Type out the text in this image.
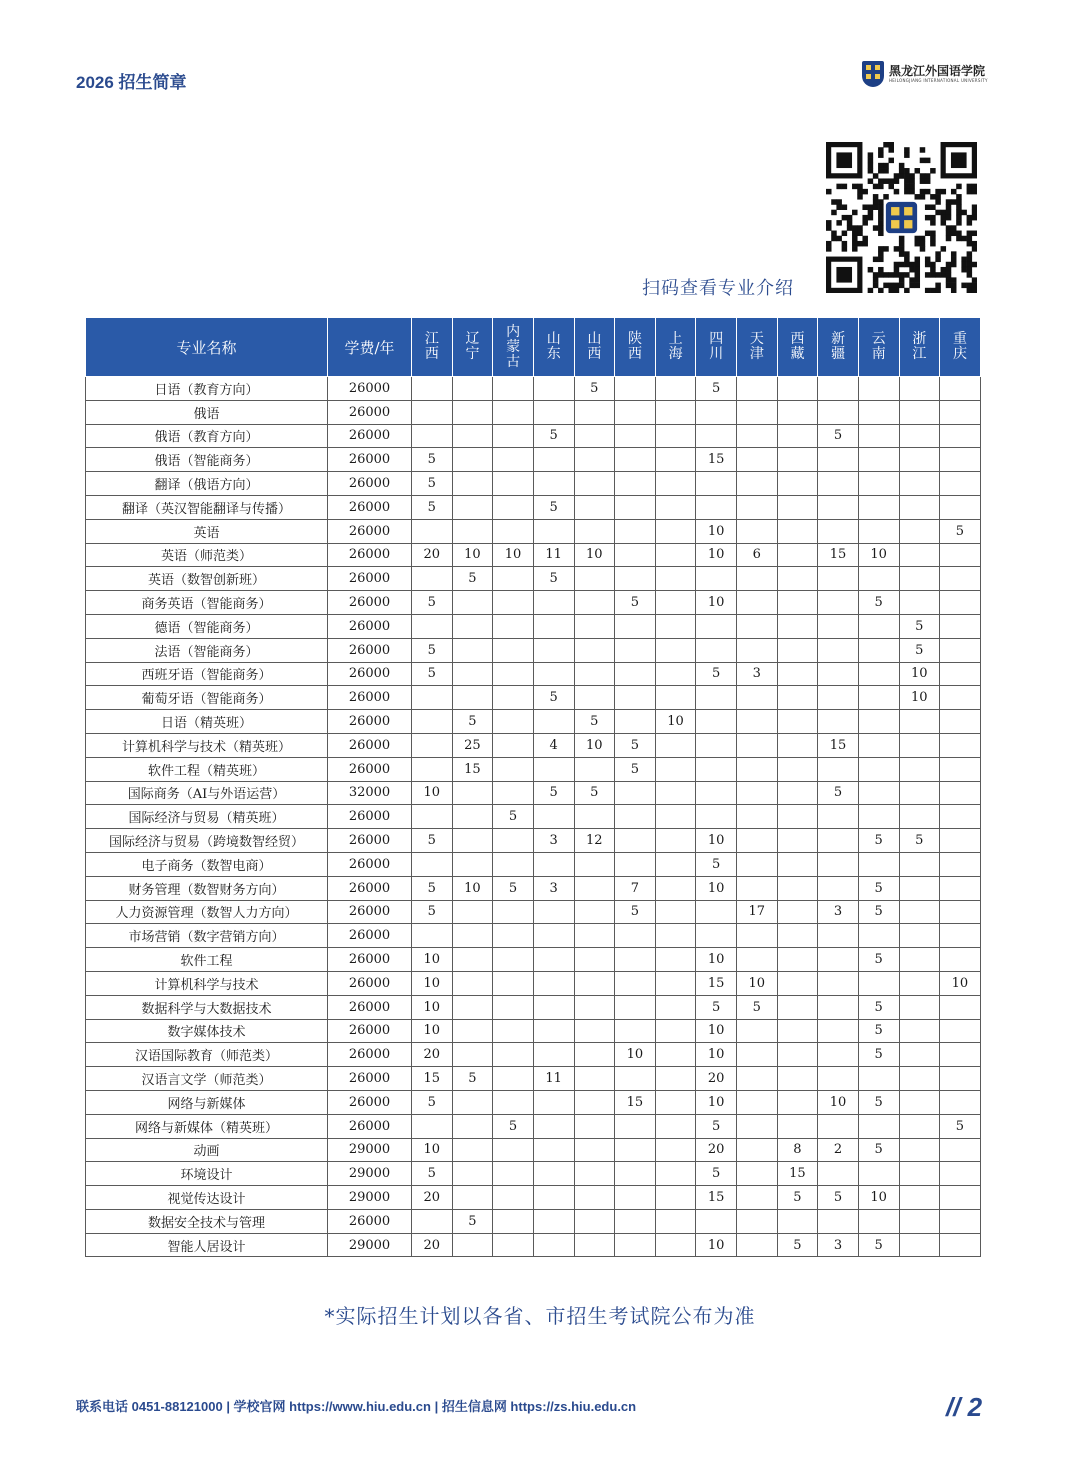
2026 招生简章
黑龙江外国语学院
HEILONGJIANG INTERNATIONAL UNIVERSITY
扫码查看专业介绍
专业名称	学费/年	江西	辽宁	内蒙古	山东	山西	陕西	上海	四川	天津	西藏	新疆	云南	浙江	重庆

日语（教育方向）	26000					5			5						
俄语	26000														
俄语（教育方向）	26000				5							5			
俄语（智能商务）	26000	5							15						
翻译（俄语方向）	26000	5													
翻译（英汉智能翻译与传播）	26000	5			5										
英语	26000								10						5
英语（师范类）	26000	20	10	10	11	10			10	6		15	10		
英语（数智创新班）	26000		5		5										
商务英语（智能商务）	26000	5					5		10				5		
德语（智能商务）	26000													5	
法语（智能商务）	26000	5												5	
西班牙语（智能商务）	26000	5							5	3				10	
葡萄牙语（智能商务）	26000				5									10	
日语（精英班）	26000		5			5		10							
计算机科学与技术（精英班）	26000		25		4	10	5					15			
软件工程（精英班）	26000		15				5								
国际商务（AI与外语运营）	32000	10			5	5						5			
国际经济与贸易（精英班）	26000			5											
国际经济与贸易（跨境数智经贸）	26000	5			3	12			10				5	5	
电子商务（数智电商）	26000								5						
财务管理（数智财务方向）	26000	5	10	5	3		7		10				5		
人力资源管理（数智人力方向）	26000	5					5			17		3	5		
市场营销（数字营销方向）	26000														
软件工程	26000	10							10				5		
计算机科学与技术	26000	10							15	10					10
数据科学与大数据技术	26000	10							5	5			5		
数字媒体技术	26000	10							10				5		
汉语国际教育（师范类）	26000	20					10		10				5		
汉语言文学（师范类）	26000	15	5		11				20						
网络与新媒体	26000	5					15		10			10	5		
网络与新媒体（精英班）	26000			5					5						5
动画	29000	10							20		8	2	5		
环境设计	29000	5							5		15				
视觉传达设计	29000	20							15		5	5	10		
数据安全技术与管理	26000		5												
智能人居设计	29000	20							10		5	3	5		
*实际招生计划以各省、市招生考试院公布为准
联系电话 0451-88121000 | 学校官网 https://www.hiu.edu.cn | 招生信息网 https://zs.hiu.edu.cn	// 2
